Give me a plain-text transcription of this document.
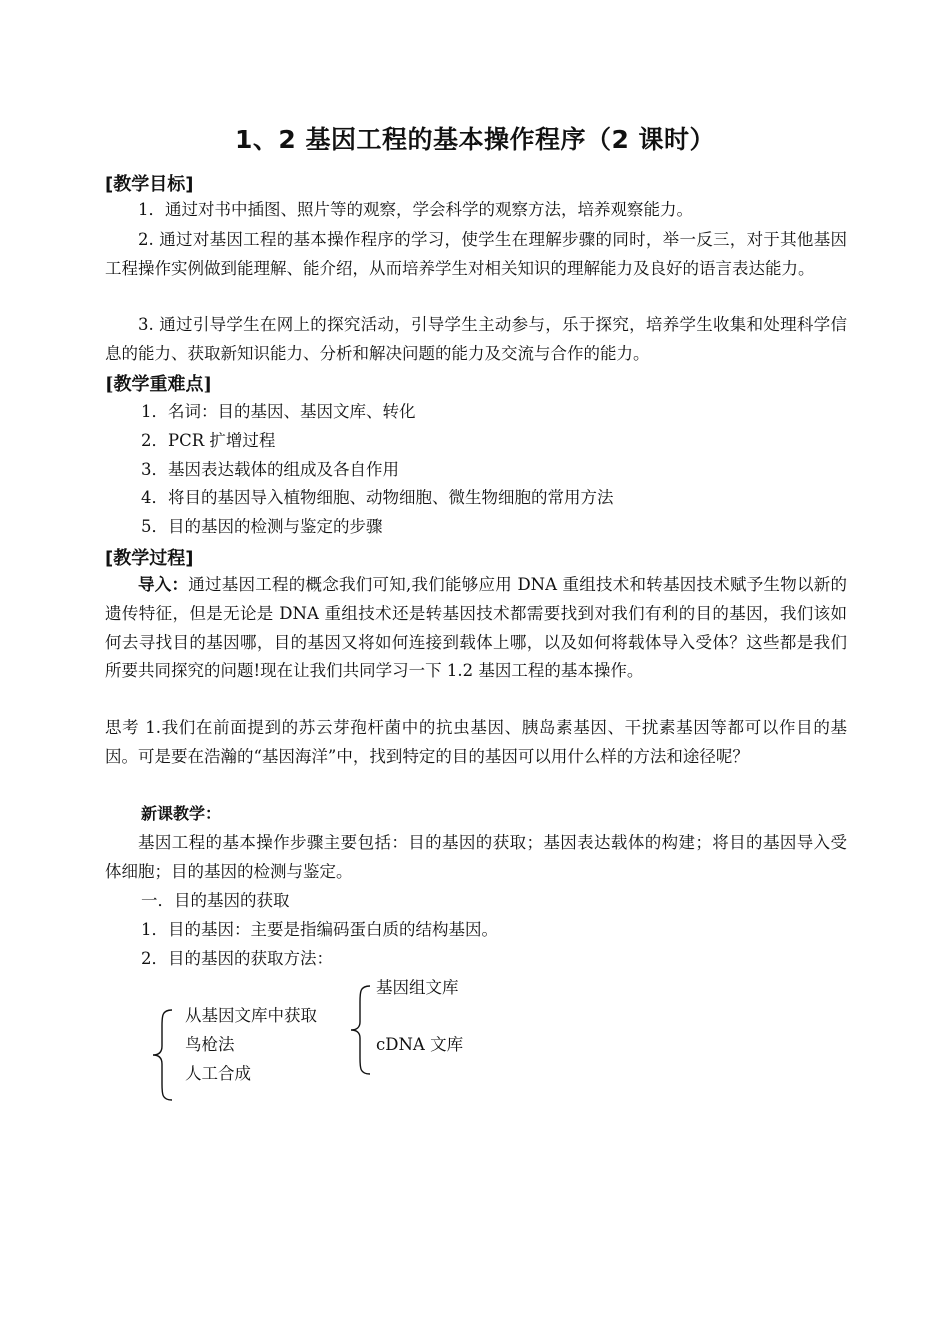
1、2 基因工程的基本操作程序（2 课时）
[教学目标]
1．通过对书中插图、照片等的观察，学会科学的观察方法，培养观察能力。
2. 通过对基因工程的基本操作程序的学习，使学生在理解步骤的同时，举一反三，对于其他基因工程操作实例做到能理解、能介绍，从而培养学生对相关知识的理解能力及良好的语言表达能力。
3. 通过引导学生在网上的探究活动，引导学生主动参与，乐于探究，培养学生收集和处理科学信息的能力、获取新知识能力、分析和解决问题的能力及交流与合作的能力。
[教学重难点]
1．名词：目的基因、基因文库、转化
2．PCR 扩增过程
3．基因表达载体的组成及各自作用
4．将目的基因导入植物细胞、动物细胞、微生物细胞的常用方法
5．目的基因的检测与鉴定的步骤
[教学过程]
导入：通过基因工程的概念我们可知,我们能够应用 DNA 重组技术和转基因技术赋予生物以新的遗传特征，但是无论是 DNA 重组技术还是转基因技术都需要找到对我们有利的目的基因，我们该如何去寻找目的基因哪，目的基因又将如何连接到载体上哪，以及如何将载体导入受体？这些都是我们所要共同探究的问题!现在让我们共同学习一下 1.2 基因工程的基本操作。
思考 1.我们在前面提到的苏云芽孢杆菌中的抗虫基因、胰岛素基因、干扰素基因等都可以作目的基因。可是要在浩瀚的“基因海洋”中，找到特定的目的基因可以用什么样的方法和途径呢？
新课教学：
基因工程的基本操作步骤主要包括：目的基因的获取；基因表达载体的构建；将目的基因导入受体细胞；目的基因的检测与鉴定。
一．目的基因的获取
1．目的基因：主要是指编码蛋白质的结构基因。
2．目的基因的获取方法：
从基因文库中获取
鸟枪法
人工合成
基因组文库
cDNA 文库
